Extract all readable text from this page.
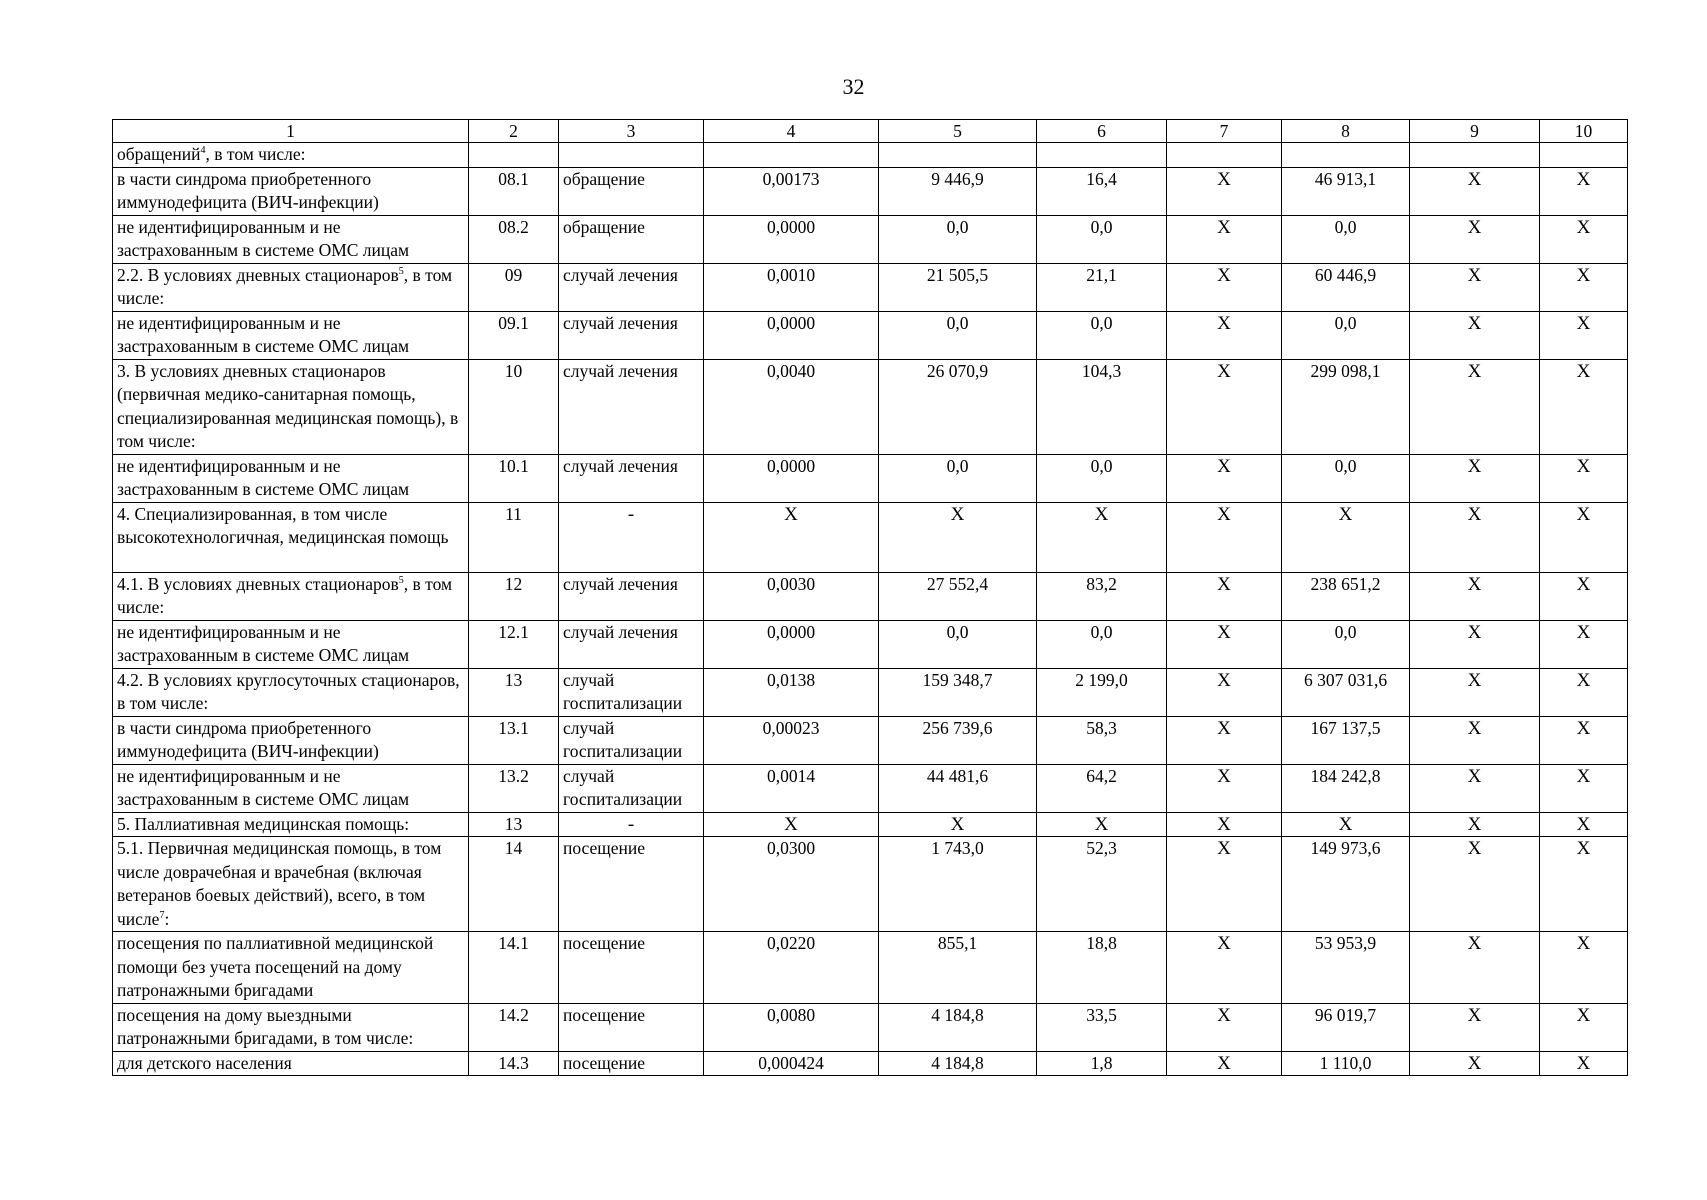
32
1	2	3	4	5	6	7	8	9	10
обращений$^4$, в том числе:									
в части синдрома приобретенного иммунодефицита (ВИЧ-инфекции)	08.1	обращение	0,00173	9 446,9	16,4	X	46 913,1	X	X
не идентифицированным и не застрахованным в системе ОМС лицам	08.2	обращение	0,0000	0,0	0,0	X	0,0	X	X
2.2. В условиях дневных стационаров$^5$, в том числе:	09	случай лечения	0,0010	21 505,5	21,1	X	60 446,9	X	X
не идентифицированным и не застрахованным в системе ОМС лицам	09.1	случай лечения	0,0000	0,0	0,0	X	0,0	X	X
3. В условиях дневных стационаров (первичная медико-санитарная помощь, специализированная медицинская помощь), в том числе:	10	случай лечения	0,0040	26 070,9	104,3	X	299 098,1	X	X
не идентифицированным и не застрахованным в системе ОМС лицам	10.1	случай лечения	0,0000	0,0	0,0	X	0,0	X	X
4. Специализированная, в том числе высокотехнологичная, медицинская помощь	11	-	X	X	X	X	X	X	X
4.1. В условиях дневных стационаров$^5$, в том числе:	12	случай лечения	0,0030	27 552,4	83,2	X	238 651,2	X	X
не идентифицированным и не застрахованным в системе ОМС лицам	12.1	случай лечения	0,0000	0,0	0,0	X	0,0	X	X
4.2. В условиях круглосуточных стационаров, в том числе:	13	случай госпитализации	0,0138	159 348,7	2 199,0	X	6 307 031,6	X	X
в части синдрома приобретенного иммунодефицита (ВИЧ-инфекции)	13.1	случай госпитализации	0,00023	256 739,6	58,3	X	167 137,5	X	X
не идентифицированным и не застрахованным в системе ОМС лицам	13.2	случай госпитализации	0,0014	44 481,6	64,2	X	184 242,8	X	X
5. Паллиативная медицинская помощь:	13	-	X	X	X	X	X	X	X
5.1. Первичная медицинская помощь, в том числе доврачебная и врачебная (включая ветеранов боевых действий), всего, в том числе$^7$:	14	посещение	0,0300	1 743,0	52,3	X	149 973,6	X	X
посещения по паллиативной медицинской помощи без учета посещений на дому патронажными бригадами	14.1	посещение	0,0220	855,1	18,8	X	53 953,9	X	X
посещения на дому выездными патронажными бригадами, в том числе:	14.2	посещение	0,0080	4 184,8	33,5	X	96 019,7	X	X
для детского населения	14.3	посещение	0,000424	4 184,8	1,8	X	1 110,0	X	X
